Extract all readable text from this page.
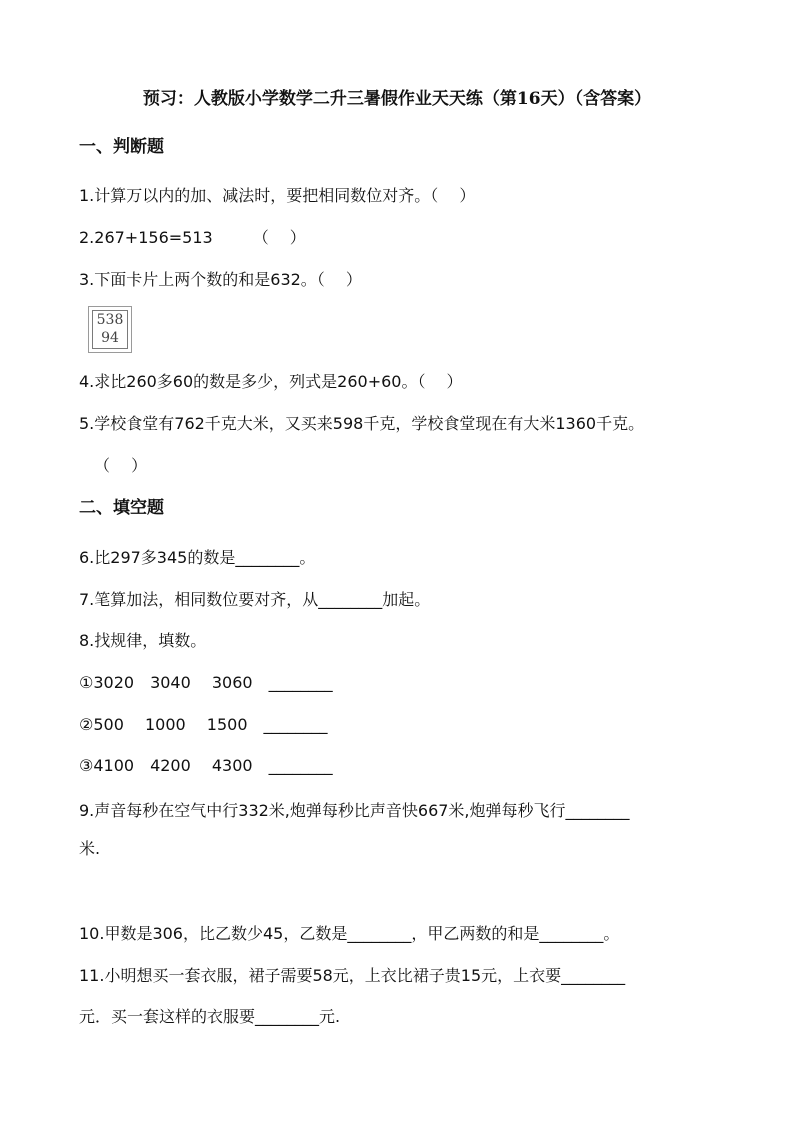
预习：人教版小学数学二升三暑假作业天天练（第16天）（含答案）
一、判断题
1.计算万以内的加、减法时，要把相同数位对齐。（　 ）
2.267+156=513　　　（　 ）
3.下面卡片上两个数的和是632。（　 ）
538
94
4.求比260多60的数是多少，列式是260+60。（　 ）
5.学校食堂有762千克大米，又买来598千克，学校食堂现在有大米1360千克。
（　 ）
二、填空题
6.比297多345的数是________。
7.笔算加法，相同数位要对齐，从________加起。
8.找规律，填数。
①3020　3040　 3060　________
②500　 1000　 1500　________
③4100　4200　 4300　________
9.声音每秒在空气中行332米,炮弹每秒比声音快667米,炮弹每秒飞行________
米.
10.甲数是306，比乙数少45，乙数是________，甲乙两数的和是________。
11.小明想买一套衣服，裙子需要58元，上衣比裙子贵15元，上衣要________
元．买一套这样的衣服要________元.
